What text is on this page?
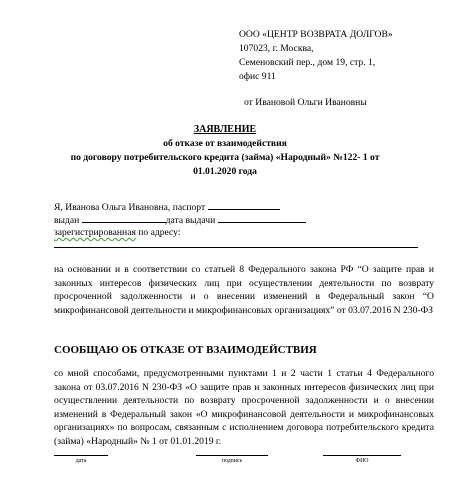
ООО «ЦЕНТР ВОЗВРАТА ДОЛГОВ»
107023, г. Москва,
Семеновский пер., дом 19, стр. 1,
офис 911
от Ивановой Ольги Ивановны
ЗАЯВЛЕНИЕ
об отказе от взаимодействия
по договору потребительского кредита (займа) «Народный» №122- 1 от
01.01.2020 года
Я, Иванова Ольга Ивановна, паспорт
выдан	дата выдачи
зарегистрированная по адресу:
на основании и в соответствии со статьей 8 Федерального закона РФ “О защите прав и законных интересов физических лиц при осуществлении деятельности по возврату просроченной задолженности и о внесении изменений в Федеральный закон “О микрофинансовой деятельности и микрофинансовых организациях” от 03.07.2016 N 230-ФЗ
СООБЩАЮ ОБ ОТКАЗЕ ОТ ВЗАИМОДЕЙСТВИЯ
со мной способами, предусмотренными пунктами 1 и 2 части 1 статьи 4 Федерального закона от 03.07.2016 N 230-ФЗ «О защите прав и законных интересов физических лиц при осуществлении деятельности по возврату просроченной задолженности и о внесении изменений в Федеральный закон «О микрофинансовой деятельности и микрофинансовых организациях» по вопросам, связанным с исполнением договора потребительского кредита (займа) «Народный» № 1 от 01.01.2019 г.
дата	подпись	ФИО
